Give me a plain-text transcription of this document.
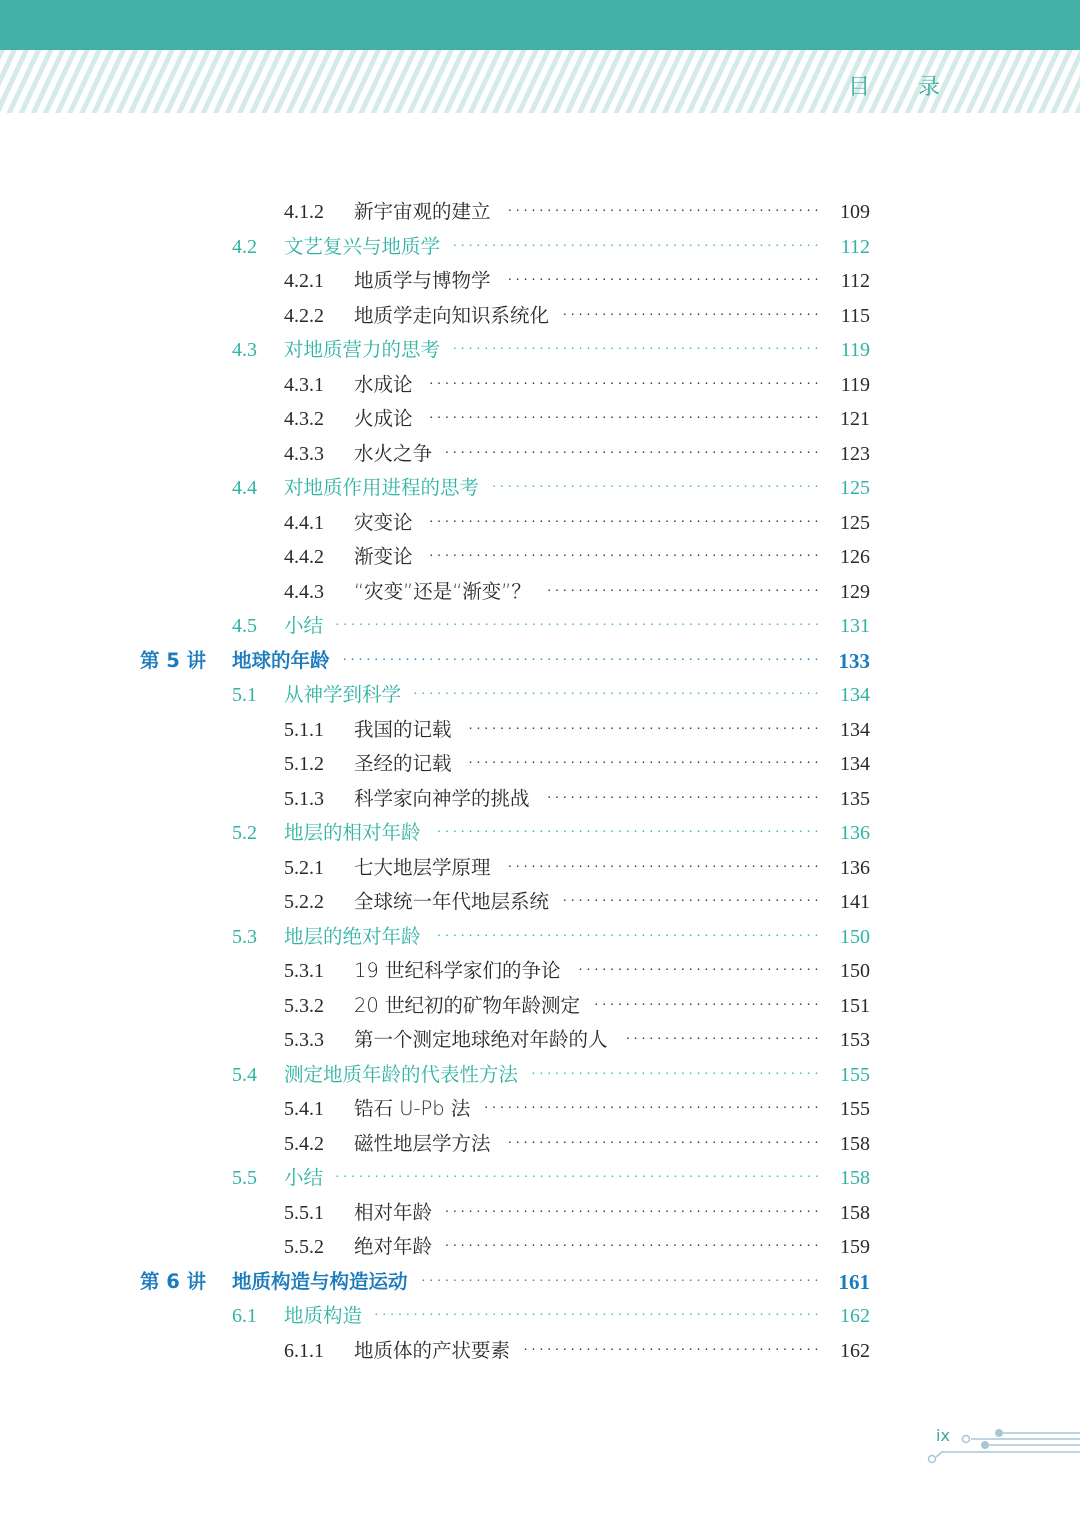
目 录
4.1.2 新宇宙观的建立	········································ 109
4.2 文艺复兴与地质学 ··············································· 112
4.2.1 地质学与博物学	········································ 112
4.2.2 地质学走向知识系统化 ································· 115
4.3 对地质营力的思考 ··············································· 119
4.3.1 水成论 ·················································· 119
4.3.2 火成论 ·················································· 121
4.3.3 水火之争 ················································ 123
4.4 对地质作用进程的思考 ·········································· 125
4.4.1 灾变论 ·················································· 125
4.4.2 渐变论 ·················································· 126
4.4.3 “灾变”还是“渐变”？ ··································· 129
4.5 小结 ······························································ 131
第 5 讲 地球的年龄 ····························································· 133
5.1 从神学到科学 ···················································· 134
5.1.1 我国的记载	············································· 134
5.1.2 圣经的记载	············································· 134
5.1.3 科学家向神学的挑战	··································· 135
5.2 地层的相对年龄 ················································· 136
5.2.1 七大地层学原理	········································ 136
5.2.2 全球统一年代地层系统 ································· 141
5.3 地层的绝对年龄 ················································· 150
5.3.1 19 世纪科学家们的争论	······························· 150
5.3.2 20 世纪初的矿物年龄测定 ····························· 151
5.3.3 第一个测定地球绝对年龄的人	························· 153
5.4 测定地质年龄的代表性方法 ····································· 155
5.4.1 锆石 U-Pb 法 ··········································· 155
5.4.2 磁性地层学方法	········································ 158
5.5 小结 ······························································ 158
5.5.1 相对年龄 ················································ 158
5.5.2 绝对年龄 ················································ 159
第 6 讲 地质构造与构造运动 ··················································· 161
6.1 地质构造 ························································· 162
6.1.1 地质体的产状要素 ······································ 162
ix
